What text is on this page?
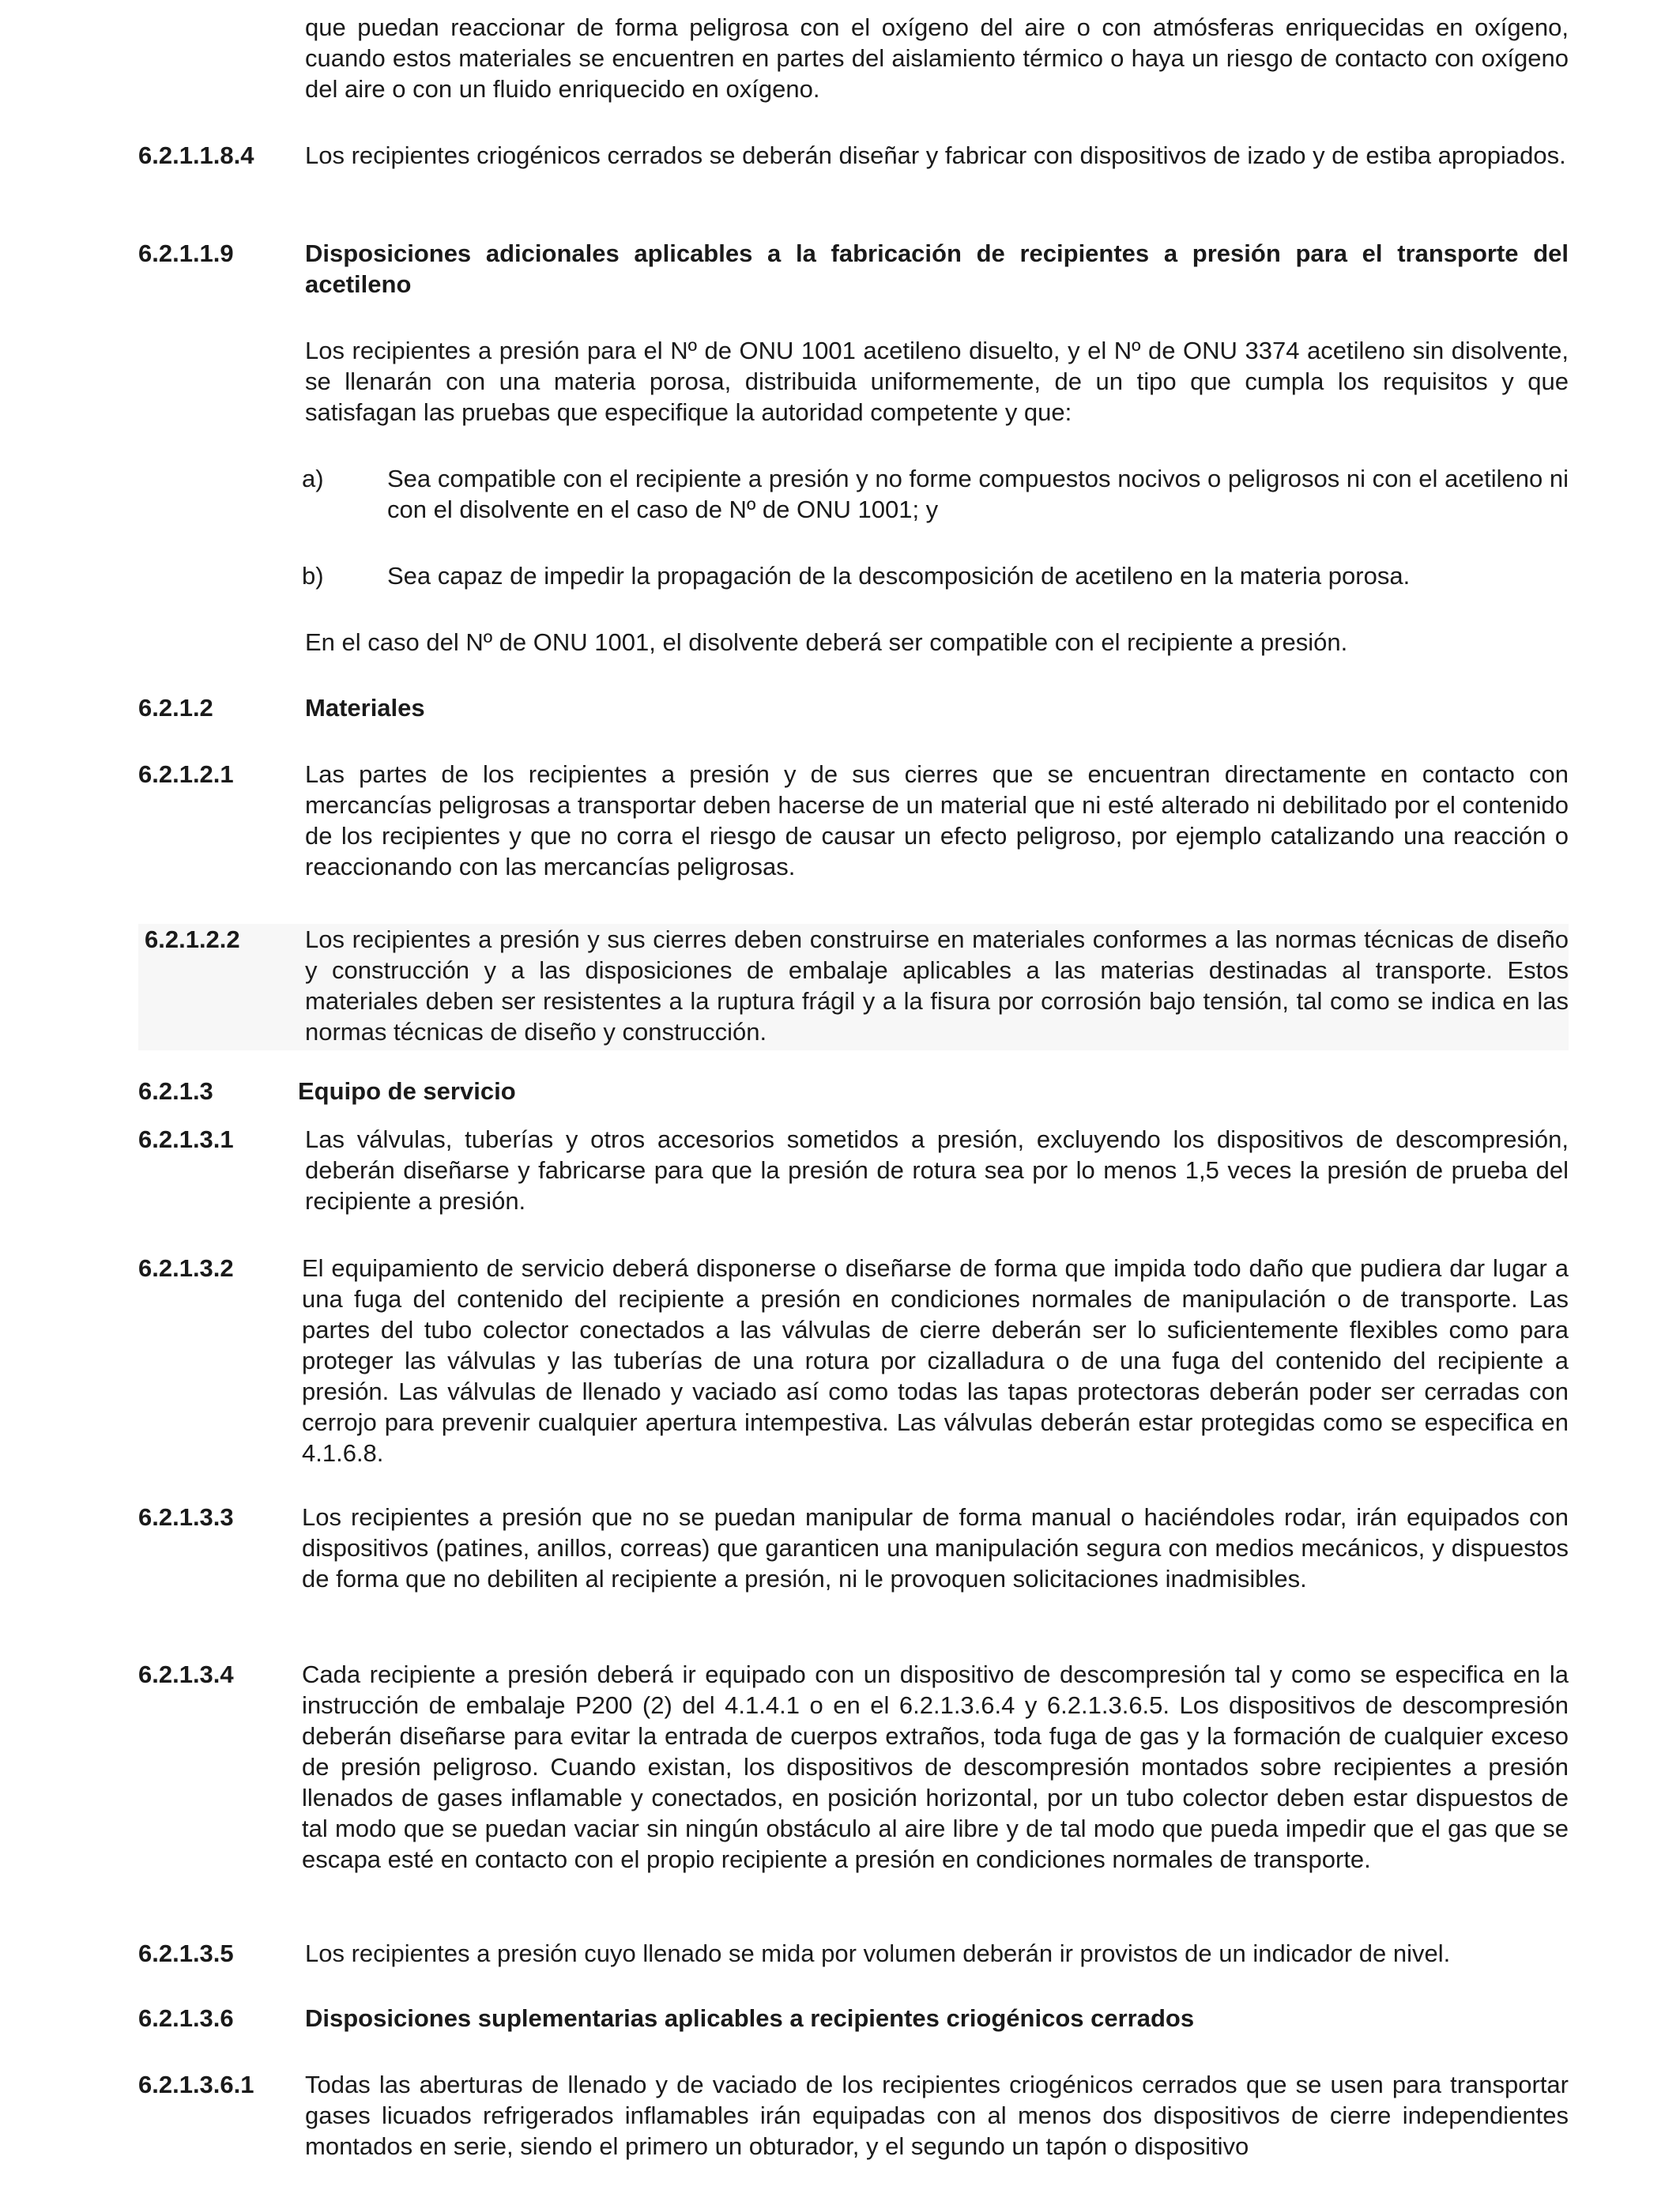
que puedan reaccionar de forma peligrosa con el oxígeno del aire o con atmósferas enriquecidas en oxígeno, cuando estos materiales se encuentren en partes del aislamiento térmico o haya un riesgo de contacto con oxígeno del aire o con un fluido enriquecido en oxígeno.

6.2.1.1.8.4 Los recipientes criogénicos cerrados se deberán diseñar y fabricar con dispositivos de izado y de estiba apropiados.

6.2.1.1.9	Disposiciones adicionales aplicables a la fabricación de recipientes a presión para el transporte del acetileno

Los recipientes a presión para el Nº de ONU 1001 acetileno disuelto, y el Nº de ONU 3374 acetileno sin disolvente, se llenarán con una materia porosa, distribuida uniformemente, de un tipo que cumpla los requisitos y que satisfagan las pruebas que especifique la autoridad competente y que:

a)	Sea compatible con el recipiente a presión y no forme compuestos nocivos o peligrosos ni con el acetileno ni con el disolvente en el caso de Nº de ONU 1001; y

b)	Sea capaz de impedir la propagación de la descomposición de acetileno en la materia porosa.

En el caso del Nº de ONU 1001, el disolvente deberá ser compatible con el recipiente a presión.

6.2.1.2	Materiales

6.2.1.2.1	Las partes de los recipientes a presión y de sus cierres que se encuentran directamente en contacto con mercancías peligrosas a transportar deben hacerse de un material que ni esté alterado ni debilitado por el contenido de los recipientes y que no corra el riesgo de causar un efecto peligroso, por ejemplo catalizando una reacción o reaccionando con las mercancías peligrosas.

6.2.1.2.2	Los recipientes a presión y sus cierres deben construirse en materiales conformes a las normas técnicas de diseño y construcción y a las disposiciones de embalaje aplicables a las materias destinadas al transporte. Estos materiales deben ser resistentes a la ruptura frágil y a la fisura por corrosión bajo tensión, tal como se indica en las normas técnicas de diseño y construcción.

6.2.1.3	Equipo de servicio

6.2.1.3.1	Las válvulas, tuberías y otros accesorios sometidos a presión, excluyendo los dispositivos de descompresión, deberán diseñarse y fabricarse para que la presión de rotura sea por lo menos 1,5 veces la presión de prueba del recipiente a presión.

6.2.1.3.2	El equipamiento de servicio deberá disponerse o diseñarse de forma que impida todo daño que pudiera dar lugar a una fuga del contenido del recipiente a presión en condiciones normales de manipulación o de transporte. Las partes del tubo colector conectados a las válvulas de cierre deberán ser lo suficientemente flexibles como para proteger las válvulas y las tuberías de una rotura por cizalladura o de una fuga del contenido del recipiente a presión. Las válvulas de llenado y vaciado así como todas las tapas protectoras deberán poder ser cerradas con cerrojo para prevenir cualquier apertura intempestiva. Las válvulas deberán estar protegidas como se especifica en 4.1.6.8.

6.2.1.3.3	Los recipientes a presión que no se puedan manipular de forma manual o haciéndoles rodar, irán equipados con dispositivos (patines, anillos, correas) que garanticen una manipulación segura con medios mecánicos, y dispuestos de forma que no debiliten al recipiente a presión, ni le provoquen solicitaciones inadmisibles.

6.2.1.3.4	Cada recipiente a presión deberá ir equipado con un dispositivo de descompresión tal y como se especifica en la instrucción de embalaje P200 (2) del 4.1.4.1 o en el 6.2.1.3.6.4 y 6.2.1.3.6.5. Los dispositivos de descompresión deberán diseñarse para evitar la entrada de cuerpos extraños, toda fuga de gas y la formación de cualquier exceso de presión peligroso. Cuando existan, los dispositivos de descompresión montados sobre recipientes a presión llenados de gases inflamable y conectados, en posición horizontal, por un tubo colector deben estar dispuestos de tal modo que se puedan vaciar sin ningún obstáculo al aire libre y de tal modo que pueda impedir que el gas que se escapa esté en contacto con el propio recipiente a presión en condiciones normales de transporte.

6.2.1.3.5	Los recipientes a presión cuyo llenado se mida por volumen deberán ir provistos de un indicador de nivel.

6.2.1.3.6	Disposiciones suplementarias aplicables a recipientes criogénicos cerrados

6.2.1.3.6.1 Todas las aberturas de llenado y de vaciado de los recipientes criogénicos cerrados que se usen para transportar gases licuados refrigerados inflamables irán equipadas con al menos dos dispositivos de cierre independientes montados en serie, siendo el primero un obturador, y el segundo un tapón o dispositivo
